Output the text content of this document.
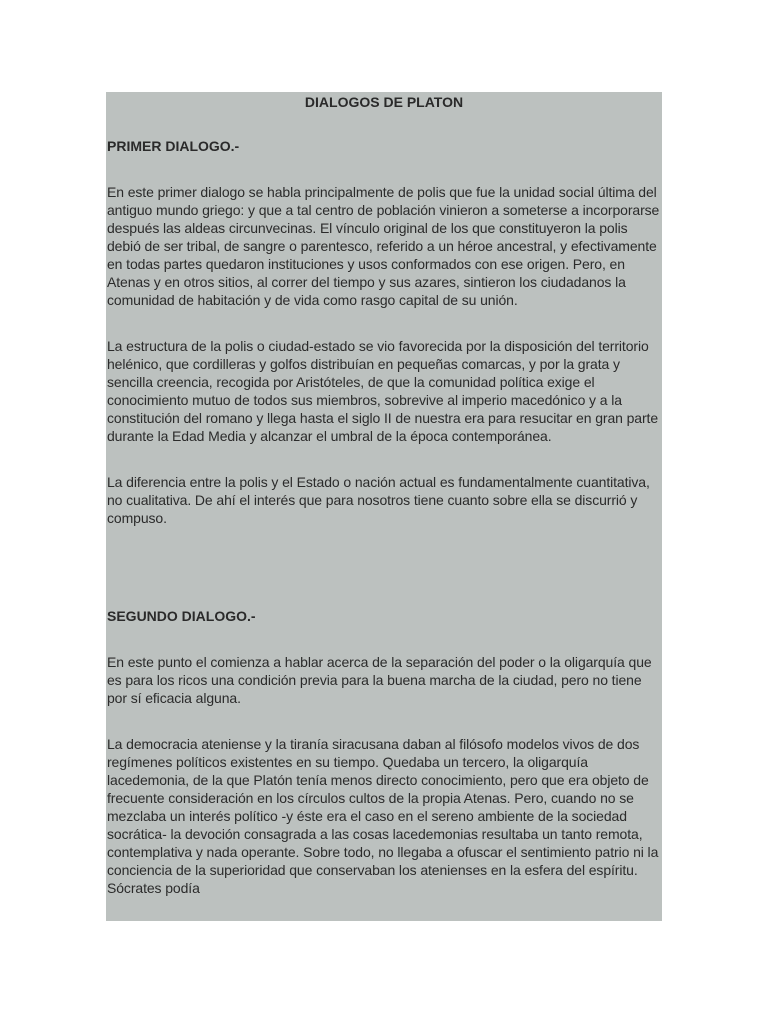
DIALOGOS DE PLATON
PRIMER DIALOGO.-

En este primer dialogo se habla principalmente de polis que fue la unidad social última del antiguo mundo griego: y que a tal centro de población vinieron a someterse a incorporarse después las aldeas circunvecinas. El vínculo original de los que constituyeron la polis debió de ser tribal, de sangre o parentesco, referido a un héroe ancestral, y efectivamente en todas partes quedaron instituciones y usos conformados con ese origen. Pero, en Atenas y en otros sitios, al correr del tiempo y sus azares, sintieron los ciudadanos la comunidad de habitación y de vida como rasgo capital de su unión.

La estructura de la polis o ciudad-estado se vio favorecida por la disposición del territorio helénico, que cordilleras y golfos distribuían en pequeñas comarcas, y por la grata y sencilla creencia, recogida por Aristóteles, de que la comunidad política exige el conocimiento mutuo de todos sus miembros, sobrevive al imperio macedónico y a la constitución del romano y llega hasta el siglo II de nuestra era para resucitar en gran parte durante la Edad Media y alcanzar el umbral de la época contemporánea.

La diferencia entre la polis y el Estado o nación actual es fundamentalmente cuantitativa, no cualitativa. De ahí el interés que para nosotros tiene cuanto sobre ella se discurrió y compuso.

SEGUNDO DIALOGO.-

En este punto el comienza a hablar acerca de la separación del poder o la oligarquía que es para los ricos una condición previa para la buena marcha de la ciudad, pero no tiene por sí eficacia alguna.

La democracia ateniense y la tiranía siracusana daban al filósofo modelos vivos de dos regímenes políticos existentes en su tiempo. Quedaba un tercero, la oligarquía lacedemonia, de la que Platón tenía menos directo conocimiento, pero que era objeto de frecuente consideración en los círculos cultos de la propia Atenas. Pero, cuando no se mezclaba un interés político -y éste era el caso en el sereno ambiente de la sociedad socrática- la devoción consagrada a las cosas lacedemonias resultaba un tanto remota, contemplativa y nada operante. Sobre todo, no llegaba a ofuscar el sentimiento patrio ni la conciencia de la superioridad que conservaban los atenienses en la esfera del espíritu. Sócrates podía
